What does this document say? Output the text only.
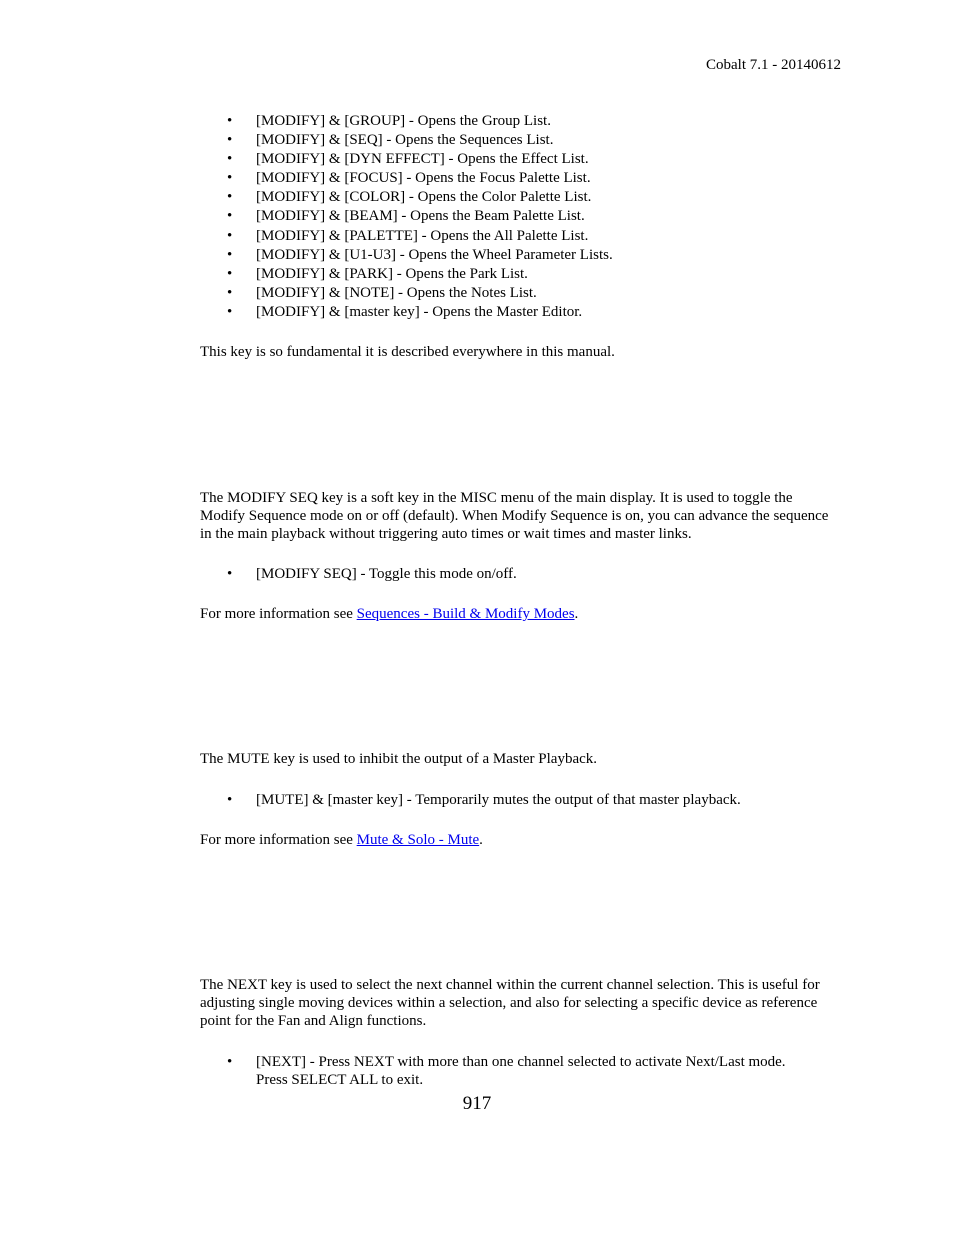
Cobalt 7.1 - 20140612
• [MODIFY] & [GROUP] - Opens the Group List.
• [MODIFY] & [SEQ] - Opens the Sequences List.
• [MODIFY] & [DYN EFFECT] - Opens the Effect List.
• [MODIFY] & [FOCUS] - Opens the Focus Palette List.
• [MODIFY] & [COLOR] - Opens the Color Palette List.
• [MODIFY] & [BEAM] - Opens the Beam Palette List.
• [MODIFY] & [PALETTE] - Opens the All Palette List.
• [MODIFY] & [U1-U3] - Opens the Wheel Parameter Lists.
• [MODIFY] & [PARK] - Opens the Park List.
• [MODIFY] & [NOTE] - Opens the Notes List.
• [MODIFY] & [master key] - Opens the Master Editor.
This key is so fundamental it is described everywhere in this manual.
The MODIFY SEQ key is a soft key in the MISC menu of the main display. It is used to toggle the Modify Sequence mode on or off (default). When Modify Sequence is on, you can advance the sequence in the main playback without triggering auto times or wait times and master links.
• [MODIFY SEQ] - Toggle this mode on/off.
For more information see Sequences - Build & Modify Modes.
The MUTE key is used to inhibit the output of a Master Playback.
• [MUTE] & [master key] - Temporarily mutes the output of that master playback.
For more information see Mute & Solo - Mute.
The NEXT key is used to select the next channel within the current channel selection. This is useful for adjusting single moving devices within a selection, and also for selecting a specific device as reference point for the Fan and Align functions.
• [NEXT] - Press NEXT with more than one channel selected to activate Next/Last mode. Press SELECT ALL to exit.
917
